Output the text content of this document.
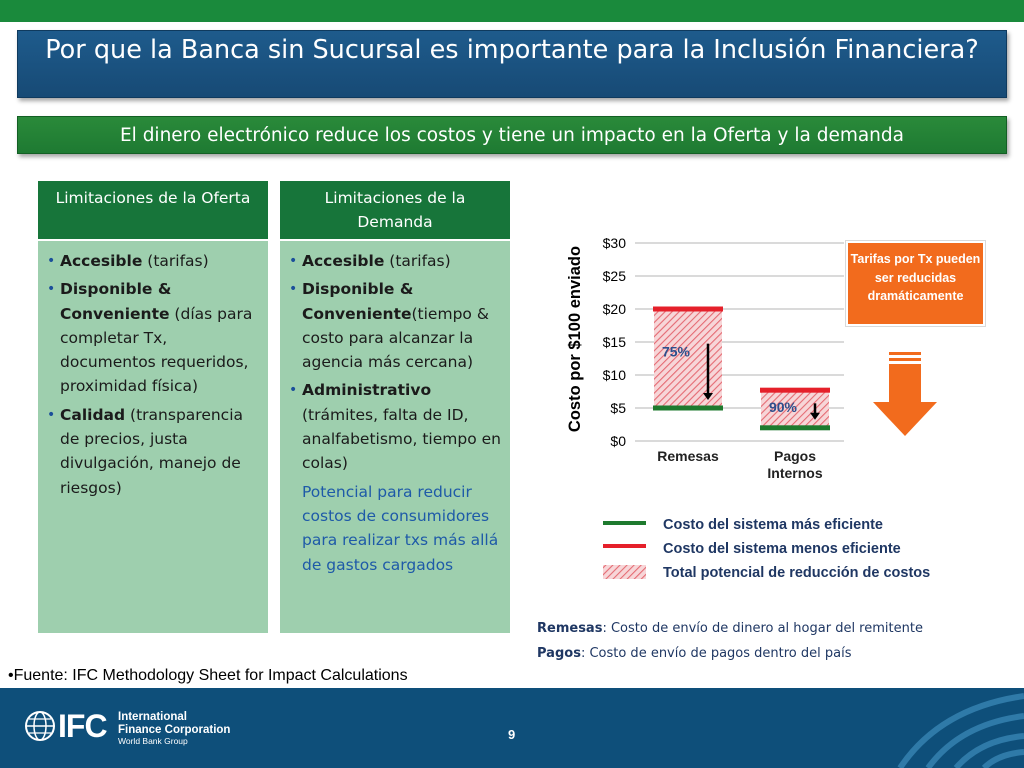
Por que la Banca sin Sucursal es importante para la Inclusión Financiera?
El dinero electrónico reduce los costos y tiene un impacto en la Oferta y la demanda
Limitaciones de la Oferta
• Accesible (tarifas)
• Disponible & Conveniente (días para completar Tx, documentos requeridos, proximidad física)
• Calidad (transparencia de precios, justa divulgación, manejo de riesgos)
Limitaciones de la Demanda
• Accesible (tarifas)
• Disponible & Conveniente(tiempo & costo para alcanzar la agencia más cercana)
• Administrativo (trámites, falta de ID, analfabetismo, tiempo en colas)
Potencial para reducir costos de consumidores para realizar txs más allá de gastos cargados
$0
$5
$10
$15
$20
$25
$30
75%
90%
Remesas	Pagos
Internos
Costo por $100 enviado	Tarifas por Tx pueden ser reducidas dramáticamente
Costo del sistema más eficiente
Costo del sistema menos eficiente
Total potencial de reducción de costos
Remesas: Costo de envío de dinero al hogar del remitente
Pagos: Costo de envío de pagos dentro del país
•Fuente: IFC Methodology Sheet for Impact Calculations
IFC International
Finance Corporation
World Bank Group	9
